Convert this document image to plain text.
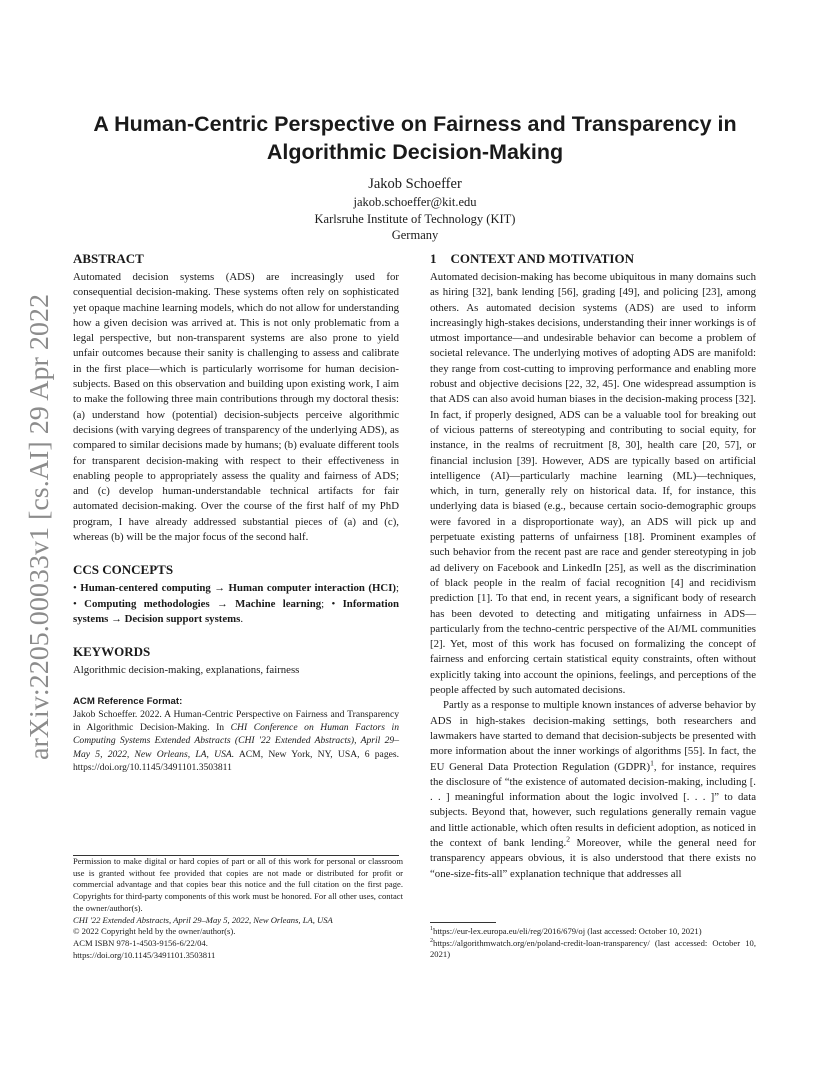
arXiv:2205.00033v1 [cs.AI] 29 Apr 2022
A Human-Centric Perspective on Fairness and Transparency in
Algorithmic Decision-Making
Jakob Schoeffer
jakob.schoeffer@kit.edu
Karlsruhe Institute of Technology (KIT)
Germany
ABSTRACT

Automated decision systems (ADS) are increasingly used for consequential decision-making. These systems often rely on sophisticated yet opaque machine learning models, which do not allow for understanding how a given decision was arrived at. This is not only problematic from a legal perspective, but non-transparent systems are also prone to yield unfair outcomes because their sanity is challenging to assess and calibrate in the first place—which is particularly worrisome for human decision-subjects. Based on this observation and building upon existing work, I aim to make the following three main contributions through my doctoral thesis: (a) understand how (potential) decision-subjects perceive algorithmic decisions (with varying degrees of transparency of the underlying ADS), as compared to similar decisions made by humans; (b) evaluate different tools for transparent decision-making with respect to their effectiveness in enabling people to appropriately assess the quality and fairness of ADS; and (c) develop human-understandable technical artifacts for fair automated decision-making. Over the course of the first half of my PhD program, I have already addressed substantial pieces of (a) and (c), whereas (b) will be the major focus of the second half.

CCS CONCEPTS

• Human-centered computing → Human computer interaction (HCI); • Computing methodologies → Machine learning; • Information systems → Decision support systems.

KEYWORDS

Algorithmic decision-making, explanations, fairness

ACM Reference Format:
Jakob Schoeffer. 2022. A Human-Centric Perspective on Fairness and Transparency in Algorithmic Decision-Making. In CHI Conference on Human Factors in Computing Systems Extended Abstracts (CHI '22 Extended Abstracts), April 29–May 5, 2022, New Orleans, LA, USA. ACM, New York, NY, USA, 6 pages. https://doi.org/10.1145/3491101.3503811

Permission to make digital or hard copies of part or all of this work for personal or classroom use is granted without fee provided that copies are not made or distributed for profit or commercial advantage and that copies bear this notice and the full citation on the first page. Copyrights for third-party components of this work must be honored. For all other uses, contact the owner/author(s).

CHI '22 Extended Abstracts, April 29–May 5, 2022, New Orleans, LA, USA

© 2022 Copyright held by the owner/author(s).

ACM ISBN 978-1-4503-9156-6/22/04.

https://doi.org/10.1145/3491101.3503811

1 CONTEXT AND MOTIVATION

Automated decision-making has become ubiquitous in many domains such as hiring [32], bank lending [56], grading [49], and policing [23], among others. As automated decision systems (ADS) are used to inform increasingly high-stakes decisions, understanding their inner workings is of utmost importance—and undesirable behavior can become a problem of societal relevance. The underlying motives of adopting ADS are manifold: they range from cost-cutting to improving performance and enabling more robust and objective decisions [22, 32, 45]. One widespread assumption is that ADS can also avoid human biases in the decision-making process [32]. In fact, if properly designed, ADS can be a valuable tool for breaking out of vicious patterns of stereotyping and contributing to social equity, for instance, in the realms of recruitment [8, 30], health care [20, 57], or financial inclusion [39]. However, ADS are typically based on artificial intelligence (AI)—particularly machine learning (ML)—techniques, which, in turn, generally rely on historical data. If, for instance, this underlying data is biased (e.g., because certain socio-demographic groups were favored in a disproportionate way), an ADS will pick up and perpetuate existing patterns of unfairness [18]. Prominent examples of such behavior from the recent past are race and gender stereotyping in job ad delivery on Facebook and LinkedIn [25], as well as the discrimination of black people in the realm of facial recognition [4] and recidivism prediction [1]. To that end, in recent years, a significant body of research has been devoted to detecting and mitigating unfairness in ADS—particularly from the techno-centric perspective of the AI/ML communities [2]. Yet, most of this work has focused on formalizing the concept of fairness and enforcing certain statistical equity constraints, often without explicitly taking into account the opinions, feelings, and perceptions of the people affected by such automated decisions.

Partly as a response to multiple known instances of adverse behavior by ADS in high-stakes decision-making settings, both researchers and lawmakers have started to demand that decision-subjects be presented with more information about the inner workings of algorithms [55]. In fact, the EU General Data Protection Regulation (GDPR)$^1$, for instance, requires the disclosure of “the existence of automated decision-making, including [. . . ] meaningful information about the logic involved [. . . ]” to data subjects. Beyond that, however, such regulations generally remain vague and little actionable, which often results in deficient adoption, as noticed in the context of bank lending.$^2$ Moreover, while the general need for transparency appears obvious, it is also understood that there exists no “one-size-fits-all” explanation technique that addresses all

$^1$https://eur-lex.europa.eu/eli/reg/2016/679/oj (last accessed: October 10, 2021)

$^2$https://algorithmwatch.org/en/poland-credit-loan-transparency/ (last accessed: October 10, 2021)
